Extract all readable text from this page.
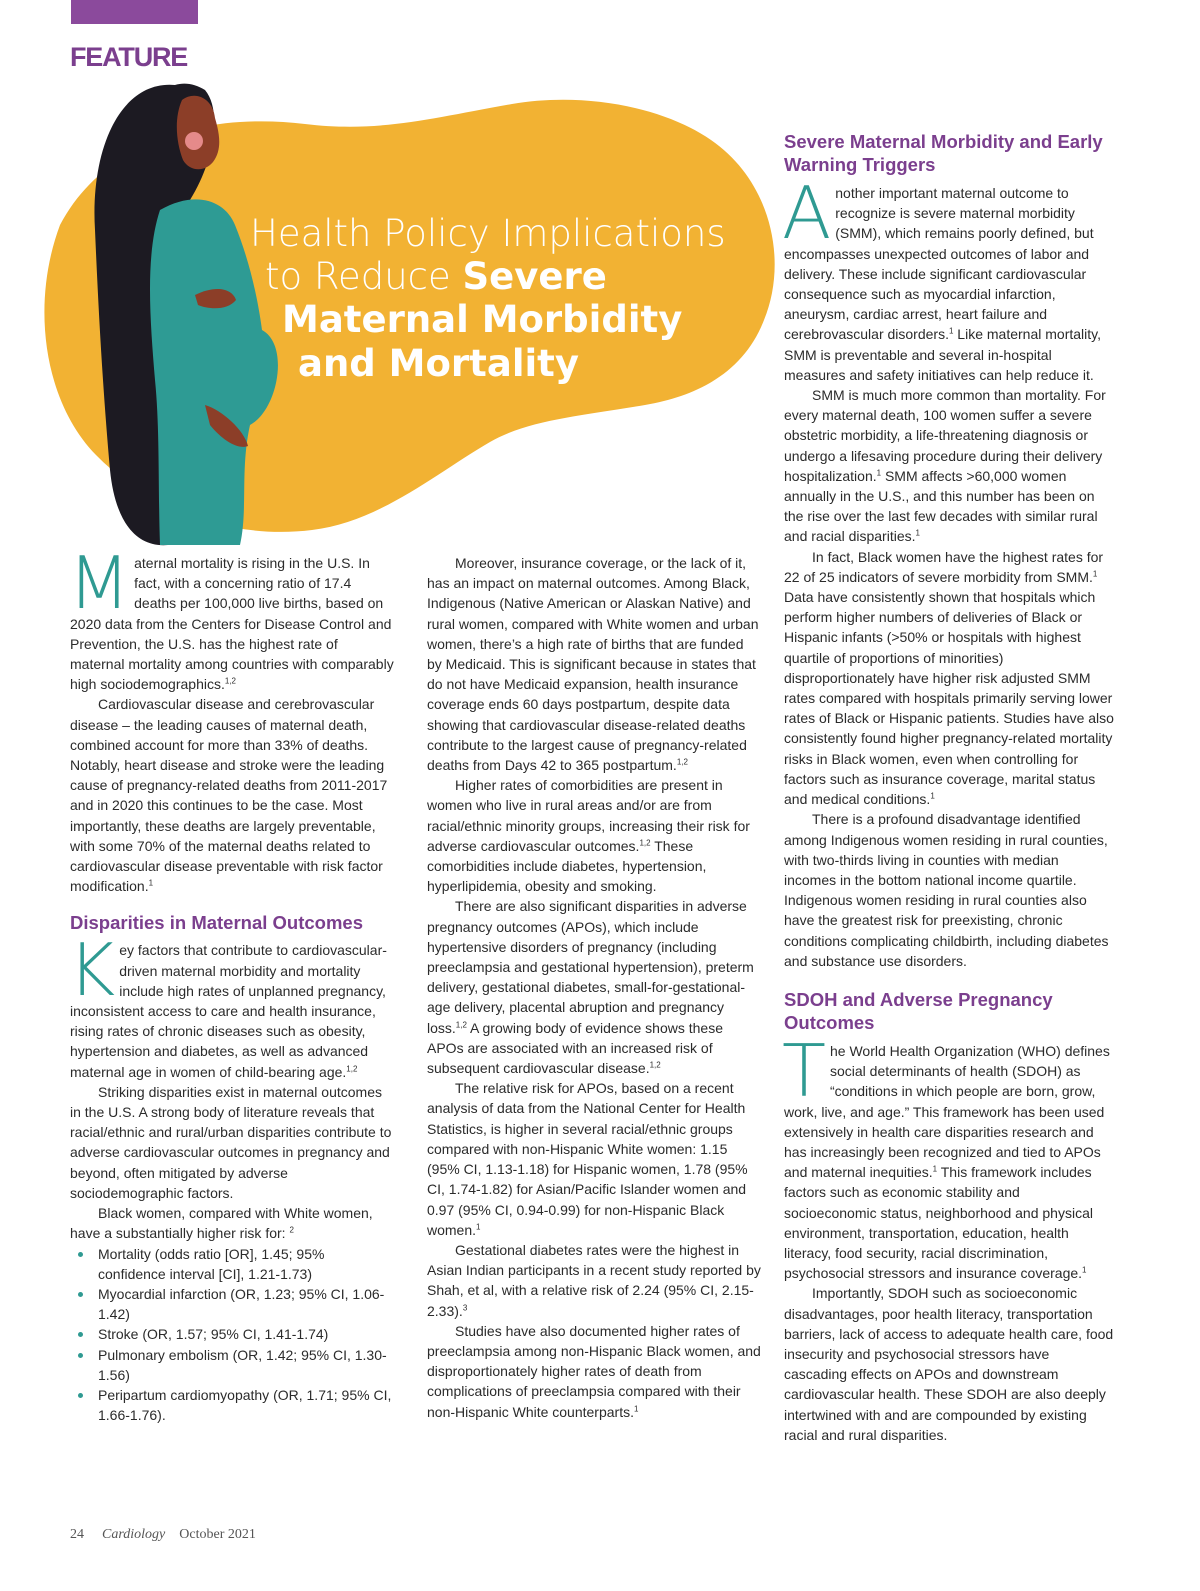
FEATURE

Health Policy Implications

to Reduce Severe

Maternal Morbidity

and Mortality

Maternal mortality is rising in the U.S. In fact, with a concerning ratio of 17.4 deaths per 100,000 live births, based on 2020 data from the Centers for Disease Control and Prevention, the U.S. has the highest rate of maternal mortality among countries with comparably high sociodemographics.$^{1,2}$

Cardiovascular disease and cerebrovascular disease – the leading causes of maternal death, combined account for more than 33% of deaths. Notably, heart disease and stroke were the leading cause of pregnancy-related deaths from 2011-2017 and in 2020 this continues to be the case. Most importantly, these deaths are largely preventable, with some 70% of the maternal deaths related to cardiovascular disease preventable with risk factor modification.$^1$

Disparities in Maternal Outcomes

Key factors that contribute to cardiovascular-driven maternal morbidity and mortality include high rates of unplanned pregnancy, inconsistent access to care and health insurance, rising rates of chronic diseases such as obesity, hypertension and diabetes, as well as advanced maternal age in women of child-bearing age.$^{1,2}$

Striking disparities exist in maternal outcomes in the U.S. A strong body of literature reveals that racial/ethnic and rural/urban disparities contribute to adverse cardiovascular outcomes in pregnancy and beyond, often mitigated by adverse sociodemographic factors.

Black women, compared with White women, have a substantially higher risk for: $^2$

Mortality (odds ratio [OR], 1.45; 95% confidence interval [CI], 1.21-1.73)
Myocardial infarction (OR, 1.23; 95% CI, 1.06-1.42)
Stroke (OR, 1.57; 95% CI, 1.41-1.74)
Pulmonary embolism (OR, 1.42; 95% CI, 1.30-1.56)
Peripartum cardiomyopathy (OR, 1.71; 95% CI, 1.66-1.76).

Moreover, insurance coverage, or the lack of it, has an impact on maternal outcomes. Among Black, Indigenous (Native American or Alaskan Native) and rural women, compared with White women and urban women, there’s a high rate of births that are funded by Medicaid. This is significant because in states that do not have Medicaid expansion, health insurance coverage ends 60 days postpartum, despite data showing that cardiovascular disease-related deaths contribute to the largest cause of pregnancy-related deaths from Days 42 to 365 postpartum.$^{1,2}$

Higher rates of comorbidities are present in women who live in rural areas and/or are from racial/ethnic minority groups, increasing their risk for adverse cardiovascular outcomes.$^{1,2}$ These comorbidities include diabetes, hypertension, hyperlipidemia, obesity and smoking.

There are also significant disparities in adverse pregnancy outcomes (APOs), which include hypertensive disorders of pregnancy (including preeclampsia and gestational hypertension), preterm delivery, gestational diabetes, small-for-gestational-age delivery, placental abruption and pregnancy loss.$^{1,2}$ A growing body of evidence shows these APOs are associated with an increased risk of subsequent cardiovascular disease.$^{1,2}$

The relative risk for APOs, based on a recent analysis of data from the National Center for Health Statistics, is higher in several racial/ethnic groups compared with non-Hispanic White women: 1.15 (95% CI, 1.13-1.18) for Hispanic women, 1.78 (95% CI, 1.74-1.82) for Asian/Pacific Islander women and 0.97 (95% CI, 0.94-0.99) for non-Hispanic Black women.$^1$

Gestational diabetes rates were the highest in Asian Indian participants in a recent study reported by Shah, et al, with a relative risk of 2.24 (95% CI, 2.15-2.33).$^3$

Studies have also documented higher rates of preeclampsia among non-Hispanic Black women, and disproportionately higher rates of death from complications of preeclampsia compared with their non-Hispanic White counterparts.$^1$

Severe Maternal Morbidity and Early Warning Triggers

Another important maternal outcome to recognize is severe maternal morbidity (SMM), which remains poorly defined, but encompasses unexpected outcomes of labor and delivery. These include significant cardiovascular consequence such as myocardial infarction, aneurysm, cardiac arrest, heart failure and cerebrovascular disorders.$^1$ Like maternal mortality, SMM is preventable and several in-hospital measures and safety initiatives can help reduce it.

SMM is much more common than mortality. For every maternal death, 100 women suffer a severe obstetric morbidity, a life-threatening diagnosis or undergo a lifesaving procedure during their delivery hospitalization.$^1$ SMM affects >60,000 women annually in the U.S., and this number has been on the rise over the last few decades with similar rural and racial disparities.$^1$

In fact, Black women have the highest rates for 22 of 25 indicators of severe morbidity from SMM.$^1$ Data have consistently shown that hospitals which perform higher numbers of deliveries of Black or Hispanic infants (>50% or hospitals with highest quartile of proportions of minorities) disproportionately have higher risk adjusted SMM rates compared with hospitals primarily serving lower rates of Black or Hispanic patients. Studies have also consistently found higher pregnancy-related mortality risks in Black women, even when controlling for factors such as insurance coverage, marital status and medical conditions.$^1$

There is a profound disadvantage identified among Indigenous women residing in rural counties, with two-thirds living in counties with median incomes in the bottom national income quartile. Indigenous women residing in rural counties also have the greatest risk for preexisting, chronic conditions complicating childbirth, including diabetes and substance use disorders.

SDOH and Adverse Pregnancy Outcomes

The World Health Organization (WHO) defines social determinants of health (SDOH) as “conditions in which people are born, grow, work, live, and age.” This framework has been used extensively in health care disparities research and has increasingly been recognized and tied to APOs and maternal inequities.$^1$ This framework includes factors such as economic stability and socioeconomic status, neighborhood and physical environment, transportation, education, health literacy, food security, racial discrimination, psychosocial stressors and insurance coverage.$^1$

Importantly, SDOH such as socioeconomic disadvantages, poor health literacy, transportation barriers, lack of access to adequate health care, food insecurity and psychosocial stressors have cascading effects on APOs and downstream cardiovascular health. These SDOH are also deeply intertwined with and are compounded by existing racial and rural disparities.

24 Cardiology October 2021
